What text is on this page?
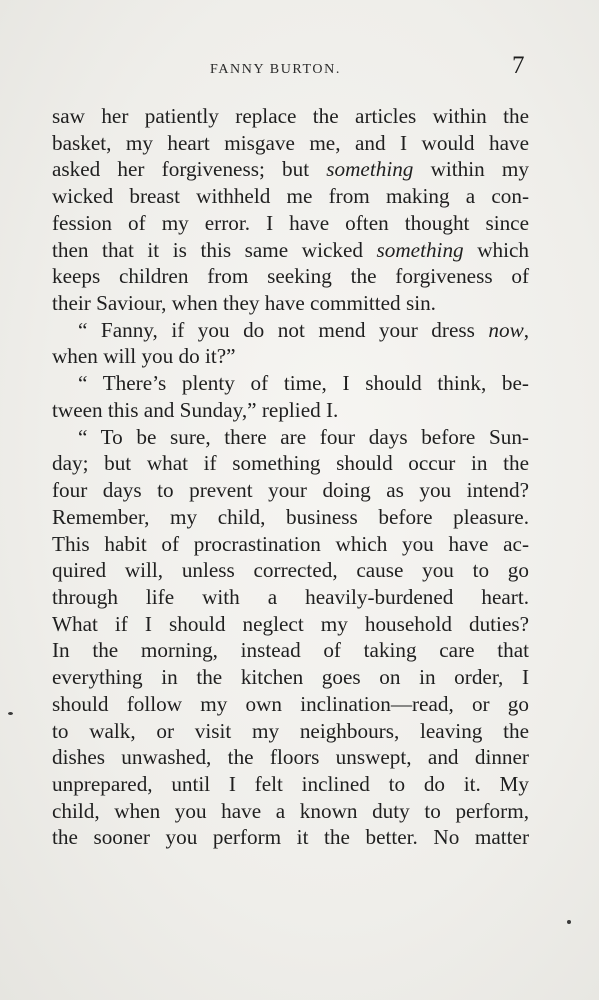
FANNY BURTON.	7
saw her patiently replace the articles within the
basket, my heart misgave me, and I would have
asked her forgiveness; but something within my
wicked breast withheld me from making a con-
fession of my error. I have often thought since
then that it is this same wicked something which
keeps children from seeking the forgiveness of
their Saviour, when they have committed sin.
“ Fanny, if you do not mend your dress now,
when will you do it?”
“ There’s plenty of time, I should think, be-
tween this and Sunday,” replied I.
“ To be sure, there are four days before Sun-
day; but what if something should occur in the
four days to prevent your doing as you intend?
Remember, my child, business before pleasure.
This habit of procrastination which you have ac-
quired will, unless corrected, cause you to go
through life with a heavily-burdened heart.
What if I should neglect my household duties?
In the morning, instead of taking care that
everything in the kitchen goes on in order, I
should follow my own inclination—read, or go
to walk, or visit my neighbours, leaving the
dishes unwashed, the floors unswept, and dinner
unprepared, until I felt inclined to do it. My
child, when you have a known duty to perform,
the sooner you perform it the better. No matter
